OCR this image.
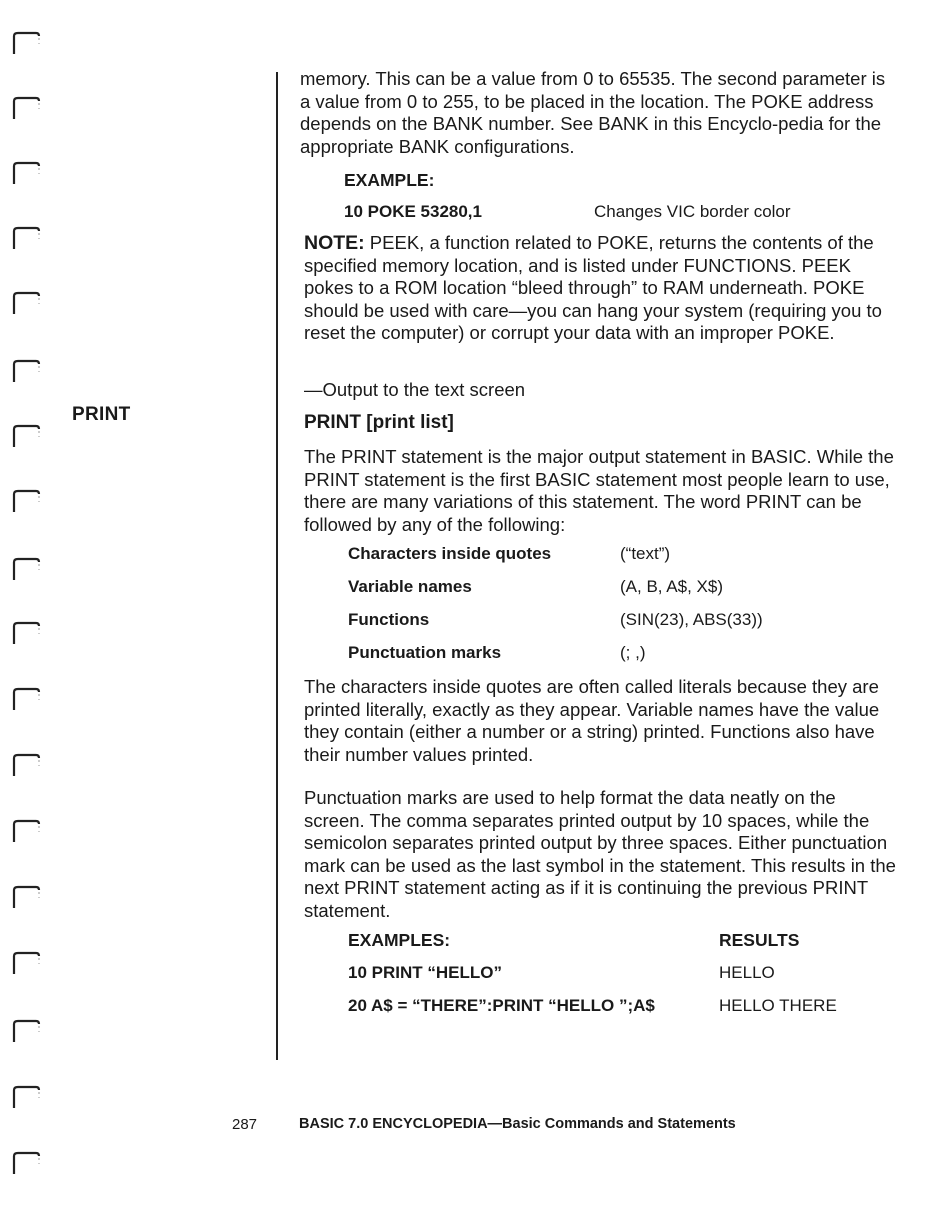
PRINT

memory. This can be a value from 0 to 65535. The second parameter is a value from 0 to 255, to be placed in the location. The POKE address depends on the BANK number. See BANK in this Encyclo-pedia for the appropriate BANK configurations.

EXAMPLE:
10 POKE 53280,1	Changes VIC border color

NOTE: PEEK, a function related to POKE, returns the contents of the specified memory location, and is listed under FUNCTIONS. PEEK pokes to a ROM location “bleed through” to RAM underneath. POKE should be used with care—you can hang your system (requiring you to reset the computer) or corrupt your data with an improper POKE.

—Output to the text screen

PRINT [print list]

The PRINT statement is the major output statement in BASIC. While the PRINT statement is the first BASIC statement most people learn to use, there are many variations of this statement. The word PRINT can be followed by any of the following:

Characters inside quotes	(“text”)
Variable names	(A, B, A$, X$)
Functions	(SIN(23), ABS(33))
Punctuation marks	(; ,)

The characters inside quotes are often called literals because they are printed literally, exactly as they appear. Variable names have the value they contain (either a number or a string) printed. Functions also have their number values printed.

Punctuation marks are used to help format the data neatly on the screen. The comma separates printed output by 10 spaces, while the semicolon separates printed output by three spaces. Either punctuation mark can be used as the last symbol in the statement. This results in the next PRINT statement acting as if it is continuing the previous PRINT statement.

EXAMPLES:	RESULTS
10 PRINT “HELLO”	HELLO
20 A$ = “THERE”:PRINT “HELLO ”;A$	HELLO THERE
287	BASIC 7.0 ENCYCLOPEDIA—Basic Commands and Statements
